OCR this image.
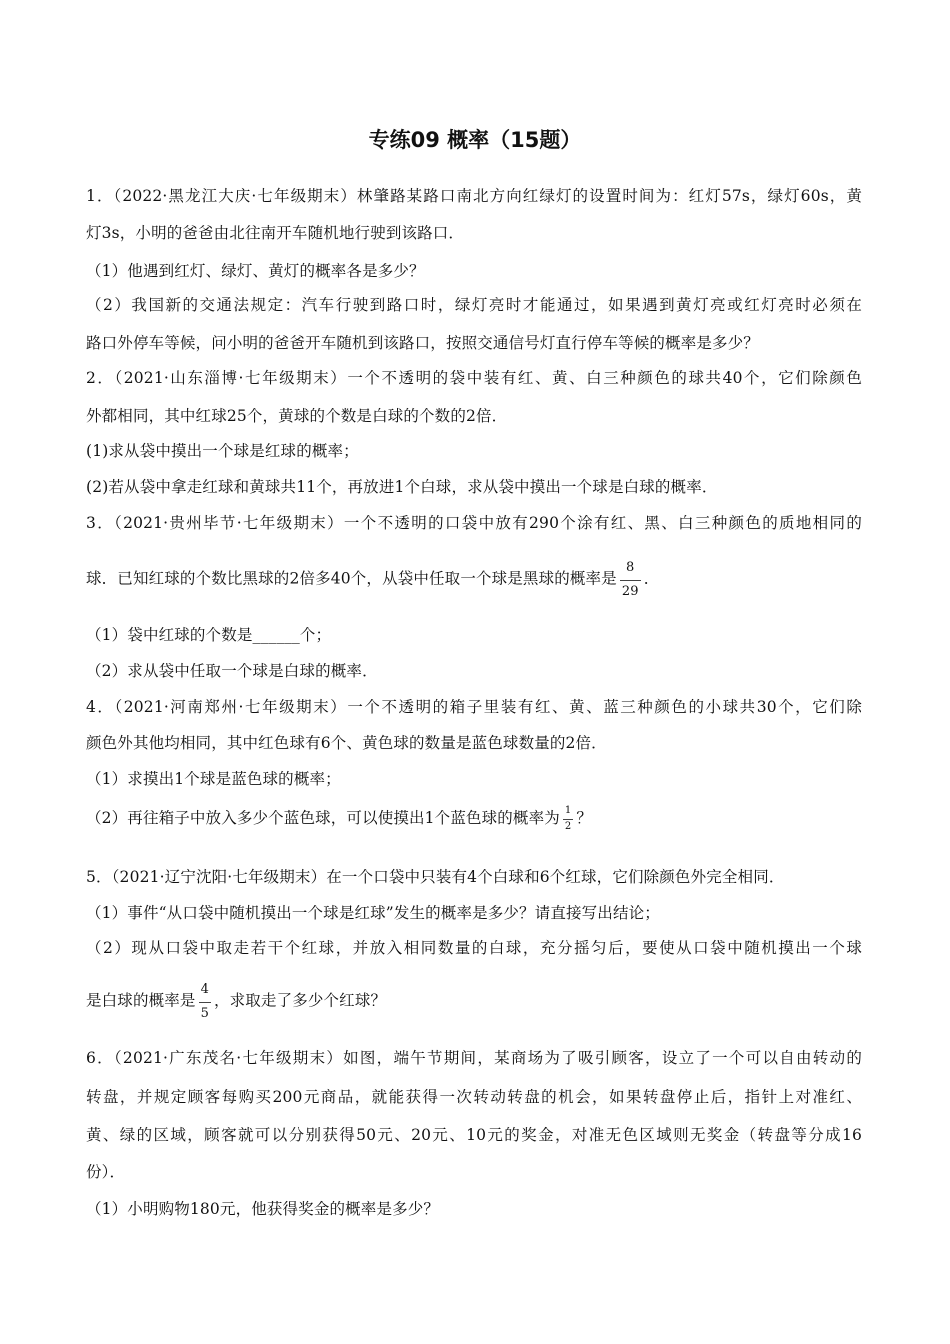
专练09 概率（15题）
1．（2022·黑龙江大庆·七年级期末）林肇路某路口南北方向红绿灯的设置时间为：红灯57s，绿灯60s，黄
灯3s，小明的爸爸由北往南开车随机地行驶到该路口．
（1）他遇到红灯、绿灯、黄灯的概率各是多少？
（2）我国新的交通法规定：汽车行驶到路口时，绿灯亮时才能通过，如果遇到黄灯亮或红灯亮时必须在
路口外停车等候，问小明的爸爸开车随机到该路口，按照交通信号灯直行停车等候的概率是多少？
2．（2021·山东淄博·七年级期末）一个不透明的袋中装有红、黄、白三种颜色的球共40个，它们除颜色
外都相同，其中红球25个，黄球的个数是白球的个数的2倍．
(1)求从袋中摸出一个球是红球的概率；
(2)若从袋中拿走红球和黄球共11个，再放进1个白球，求从袋中摸出一个球是白球的概率．
3．（2021·贵州毕节·七年级期末）一个不透明的口袋中放有290个涂有红、黑、白三种颜色的质地相同的
球．已知红球的个数比黑球的2倍多40个，从袋中任取一个球是黑球的概率是 $\frac{8}{29}$ ．
（1）袋中红球的个数是______个；
（2）求从袋中任取一个球是白球的概率．
4．（2021·河南郑州·七年级期末）一个不透明的箱子里装有红、黄、蓝三种颜色的小球共30个，它们除
颜色外其他均相同，其中红色球有6个、黄色球的数量是蓝色球数量的2倍．
（1）求摸出1个球是蓝色球的概率；
（2）再往箱子中放入多少个蓝色球，可以使摸出1个蓝色球的概率为 $\frac{1}{2}$ ？
5．（2021·辽宁沈阳·七年级期末）在一个口袋中只装有4个白球和6个红球，它们除颜色外完全相同．
（1）事件“从口袋中随机摸出一个球是红球”发生的概率是多少？请直接写出结论；
（2）现从口袋中取走若干个红球，并放入相同数量的白球，充分摇匀后，要使从口袋中随机摸出一个球
是白球的概率是 $\frac{4}{5}$ ，求取走了多少个红球？
6．（2021·广东茂名·七年级期末）如图，端午节期间，某商场为了吸引顾客，设立了一个可以自由转动的
转盘，并规定顾客每购买200元商品，就能获得一次转动转盘的机会，如果转盘停止后，指针上对准红、
黄、绿的区域，顾客就可以分别获得50元、20元、10元的奖金，对准无色区域则无奖金（转盘等分成16
份）．
（1）小明购物180元，他获得奖金的概率是多少？
